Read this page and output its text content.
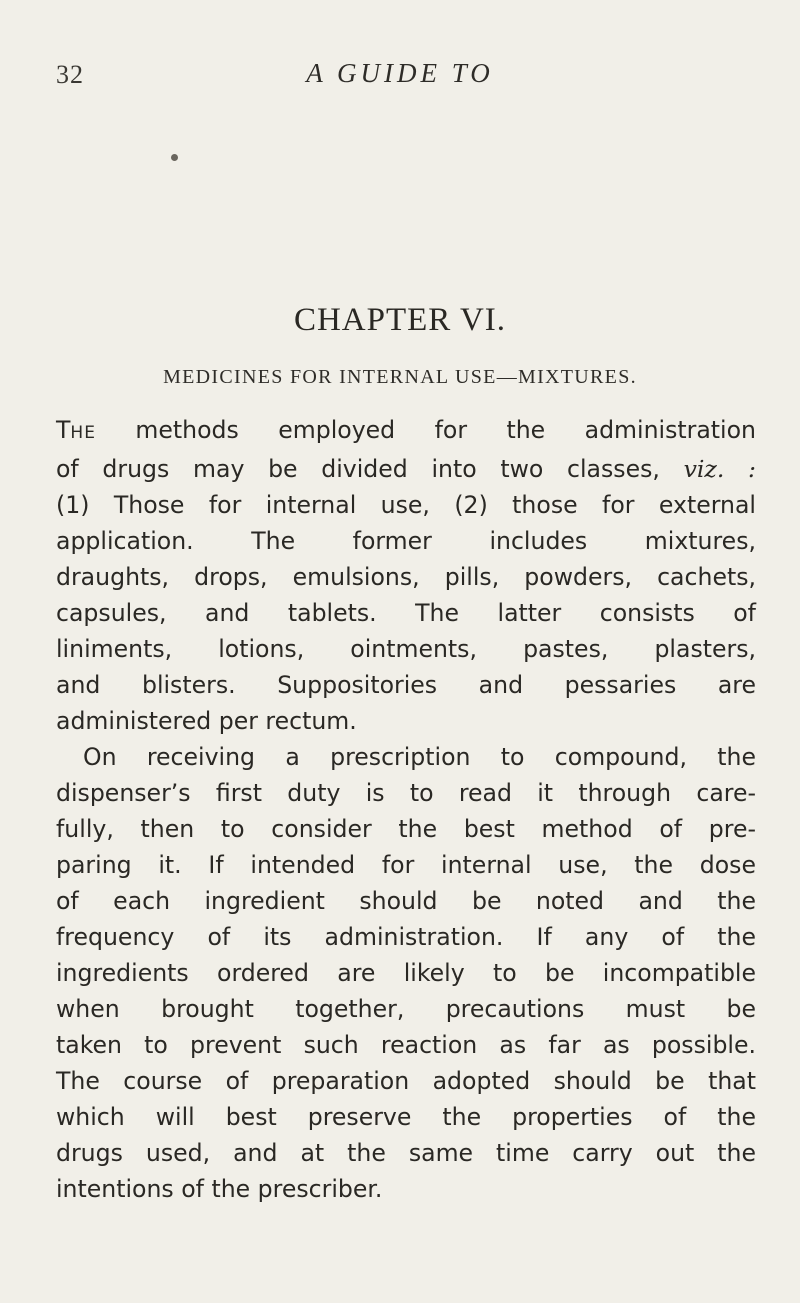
32	A GUIDE TO
CHAPTER VI.
MEDICINES FOR INTERNAL USE—MIXTURES.
THE methods employed for the administration
of drugs may be divided into two classes, viz. :
(1) Those for internal use, (2) those for external
application. The former includes mixtures,
draughts, drops, emulsions, pills, powders, cachets,
capsules, and tablets. The latter consists of
liniments, lotions, ointments, pastes, plasters,
and blisters. Suppositories and pessaries are
administered per rectum.
On receiving a prescription to compound, the
dispenser’s first duty is to read it through care-
fully, then to consider the best method of pre-
paring it. If intended for internal use, the dose
of each ingredient should be noted and the
frequency of its administration. If any of the
ingredients ordered are likely to be incompatible
when brought together, precautions must be
taken to prevent such reaction as far as possible.
The course of preparation adopted should be that
which will best preserve the properties of the
drugs used, and at the same time carry out the
intentions of the prescriber.
